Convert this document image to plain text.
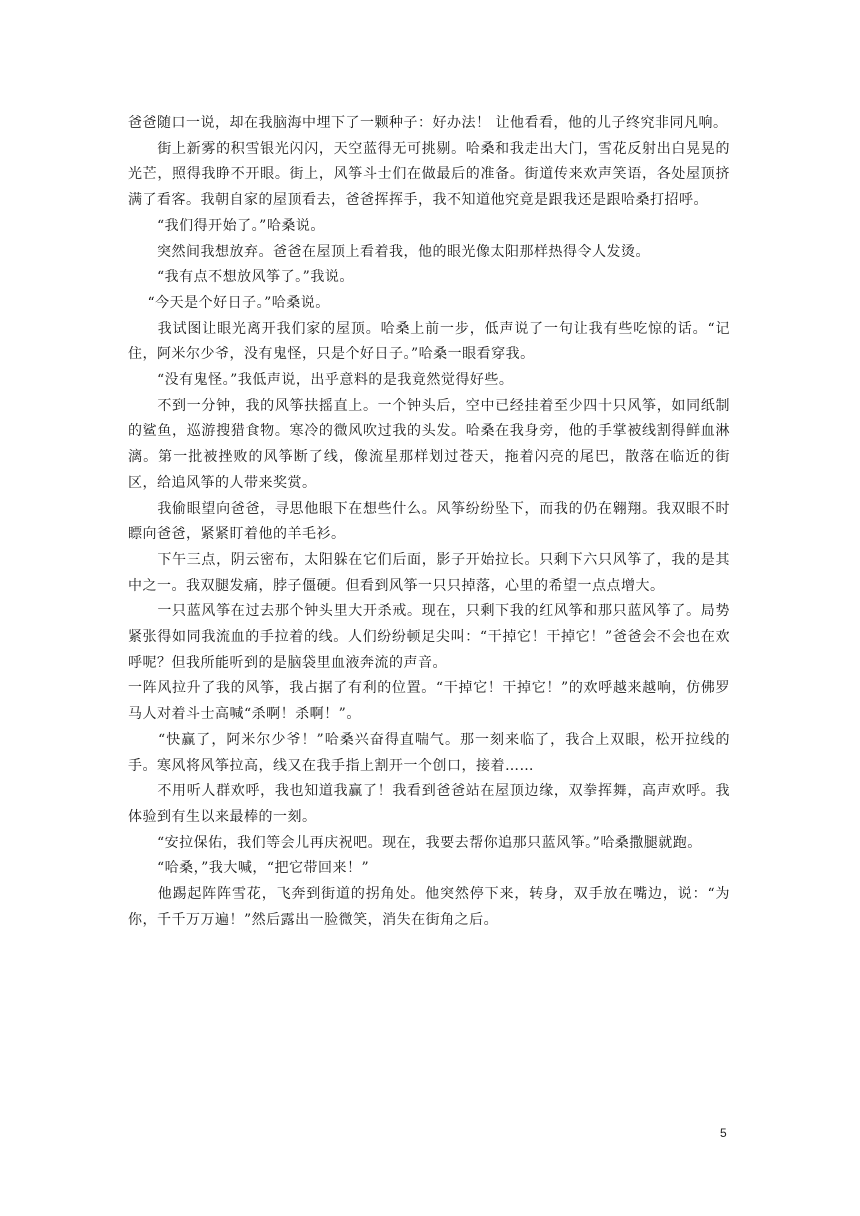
爸爸随口一说，却在我脑海中埋下了一颗种子：好办法！ 让他看看，他的儿子终究非同凡响。

　　街上新雾的积雪银光闪闪，天空蓝得无可挑剔。哈桑和我走出大门，雪花反射出白晃晃的光芒，照得我睁不开眼。街上，风筝斗士们在做最后的准备。街道传来欢声笑语，各处屋顶挤满了看客。我朝自家的屋顶看去，爸爸挥挥手，我不知道他究竟是跟我还是跟哈桑打招呼。

　　“我们得开始了。”哈桑说。

　　突然间我想放弃。爸爸在屋顶上看着我，他的眼光像太阳那样热得令人发烫。

　　“我有点不想放风筝了。”我说。

　 “今天是个好日子。”哈桑说。

　　我试图让眼光离开我们家的屋顶。哈桑上前一步，低声说了一句让我有些吃惊的话。“记住，阿米尔少爷，没有鬼怪，只是个好日子。”哈桑一眼看穿我。

　　“没有鬼怪。”我低声说，出乎意料的是我竟然觉得好些。

　　不到一分钟，我的风筝扶摇直上。一个钟头后，空中已经挂着至少四十只风筝，如同纸制的鲨鱼，巡游搜猎食物。寒冷的微风吹过我的头发。哈桑在我身旁，他的手掌被线割得鲜血淋漓。第一批被挫败的风筝断了线，像流星那样划过苍天，拖着闪亮的尾巴，散落在临近的街区，给追风筝的人带来奖赏。

　　我偷眼望向爸爸，寻思他眼下在想些什么。风筝纷纷坠下，而我的仍在翱翔。我双眼不时瞟向爸爸，紧紧盯着他的羊毛衫。

　　下午三点，阴云密布，太阳躲在它们后面，影子开始拉长。只剩下六只风筝了，我的是其中之一。我双腿发痛，脖子僵硬。但看到风筝一只只掉落，心里的希望一点点增大。

　　一只蓝风筝在过去那个钟头里大开杀戒。现在，只剩下我的红风筝和那只蓝风筝了。局势紧张得如同我流血的手拉着的线。人们纷纷顿足尖叫：“干掉它！干掉它！”爸爸会不会也在欢呼呢？但我所能听到的是脑袋里血液奔流的声音。

一阵风拉升了我的风筝，我占据了有利的位置。“干掉它！干掉它！”的欢呼越来越响，仿佛罗马人对着斗士高喊“杀啊！杀啊！”。

　　“快赢了，阿米尔少爷！”哈桑兴奋得直喘气。那一刻来临了，我合上双眼，松开拉线的手。寒风将风筝拉高，线又在我手指上割开一个创口，接着……

　　不用听人群欢呼，我也知道我赢了！我看到爸爸站在屋顶边缘，双拳挥舞，高声欢呼。我体验到有生以来最棒的一刻。

　　“安拉保佑，我们等会儿再庆祝吧。现在，我要去帮你追那只蓝风筝。”哈桑撒腿就跑。

　　“哈桑，”我大喊，“把它带回来！”

　　他踢起阵阵雪花，飞奔到街道的拐角处。他突然停下来，转身，双手放在嘴边，说：“为你，千千万万遍！”然后露出一脸微笑，消失在街角之后。

5
